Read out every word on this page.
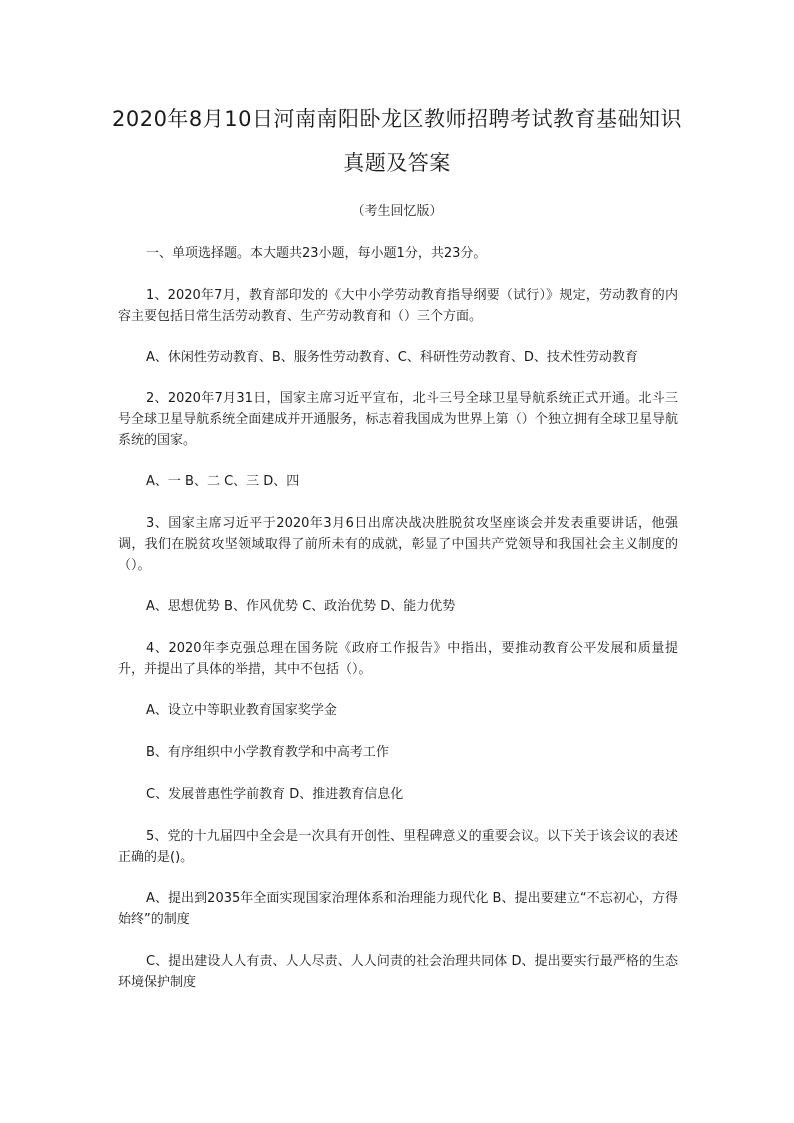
2020年8月10日河南南阳卧龙区教师招聘考试教育基础知识真题及答案

（考生回忆版）

一、单项选择题。本大题共23小题，每小题1分，共23分。

1、2020年7月，教育部印发的《大中小学劳动教育指导纲要（试行）》规定，劳动教育的内容主要包括日常生活劳动教育、生产劳动教育和（）三个方面。

A、休闲性劳动教育、B、服务性劳动教育、C、科研性劳动教育、D、技术性劳动教育

2、2020年7月31日，国家主席习近平宣布，北斗三号全球卫星导航系统正式开通。北斗三号全球卫星导航系统全面建成并开通服务，标志着我国成为世界上第（）个独立拥有全球卫星导航系统的国家。

A、一 B、二 C、三 D、四

3、国家主席习近平于2020年3月6日出席决战决胜脱贫攻坚座谈会并发表重要讲话，他强调，我们在脱贫攻坚领域取得了前所未有的成就，彰显了中国共产党领导和我国社会主义制度的（）。

A、思想优势 B、作风优势 C、政治优势 D、能力优势

4、2020年李克强总理在国务院《政府工作报告》中指出，要推动教育公平发展和质量提升，并提出了具体的举措，其中不包括（）。

A、设立中等职业教育国家奖学金

B、有序组织中小学教育教学和中高考工作

C、发展普惠性学前教育 D、推进教育信息化

5、党的十九届四中全会是一次具有开创性、里程碑意义的重要会议。以下关于该会议的表述正确的是()。

A、提出到2035年全面实现国家治理体系和治理能力现代化 B、提出要建立“不忘初心，方得始终”的制度

C、提出建设人人有责、人人尽责、人人问责的社会治理共同体 D、提出要实行最严格的生态环境保护制度
